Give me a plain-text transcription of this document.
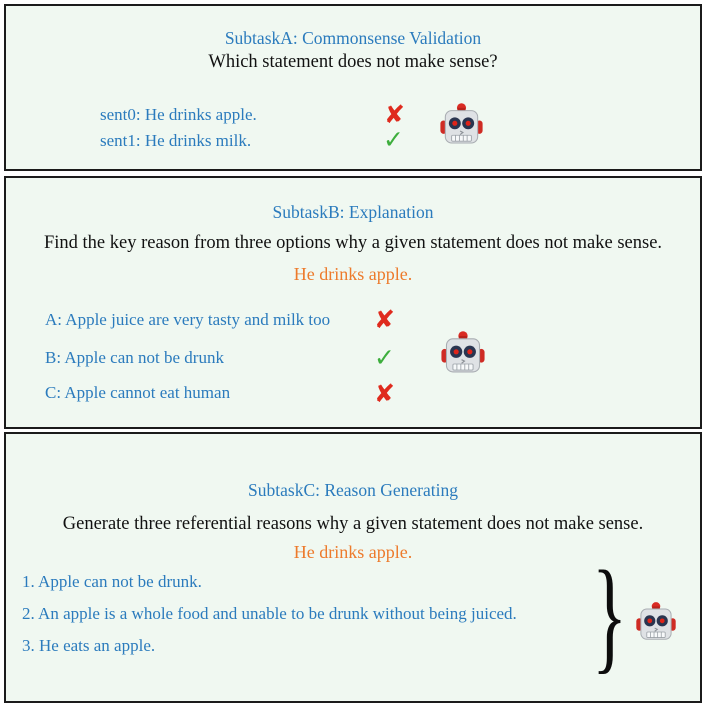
SubtaskA: Commonsense Validation
Which statement does not make sense?
sent0: He drinks apple.
sent1: He drinks milk.
✘
✓
SubtaskB: Explanation
Find the key reason from three options why a given statement does not make sense.
He drinks apple.
A: Apple juice are very tasty and milk too
B: Apple can not be drunk
C: Apple cannot eat human
✘
✓
✘
SubtaskC: Reason Generating
Generate three referential reasons why a given statement does not make sense.
He drinks apple.
1. Apple can not be drunk.
2. An apple is a whole food and unable to be drunk without being juiced.
3. He eats an apple.	}
